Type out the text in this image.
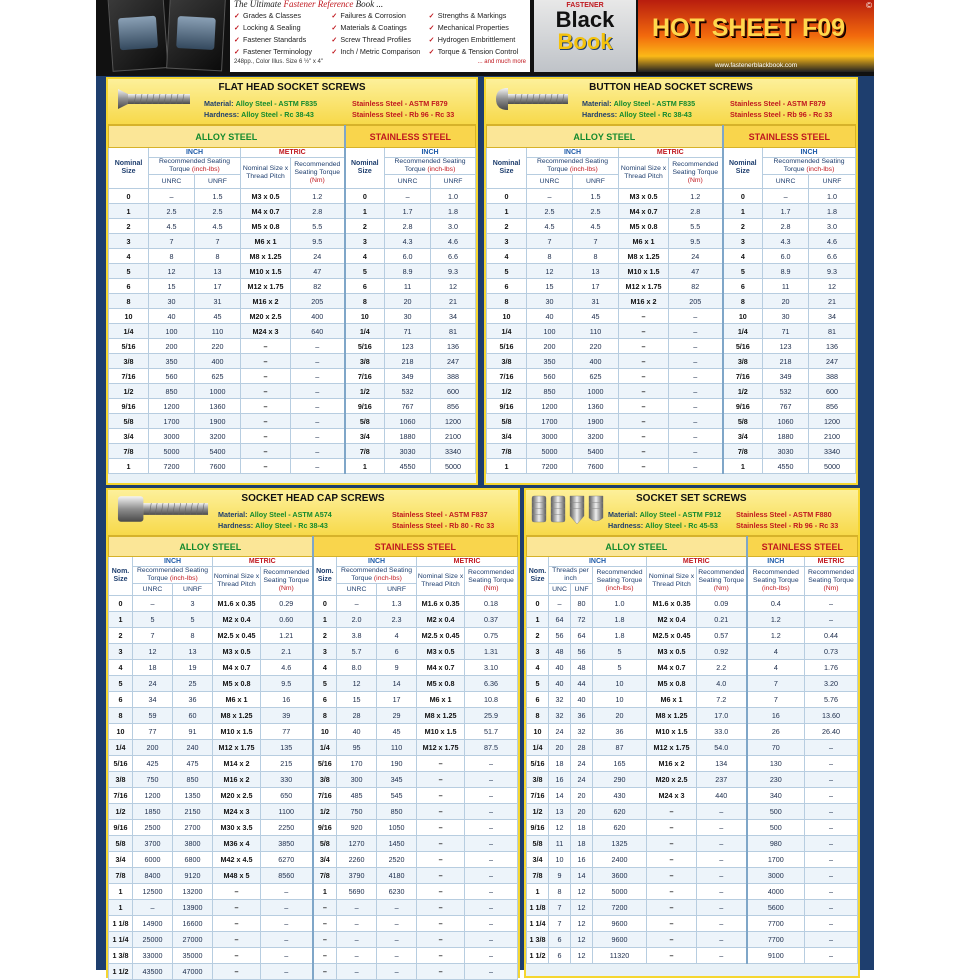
The Ultimate Fastener Reference Book ...
✓ Grades & Classes
✓ Locking & Sealing
✓ Fastener Standards
✓ Fastener Terminology
✓ Failures & Corrosion
✓ Materials & Coatings
✓ Screw Thread Profiles
✓ Inch / Metric Comparison
✓ Strengths & Markings
✓ Mechanical Properties
✓ Hydrogen Embrittlement
✓ Torque & Tension Control
248pp., Color Illus. Size 6 ½" x 4"	... and much more
FASTENER
Black
Book	HOT SHEET F09
©
www.fastenerblackbook.com
FLAT HEAD SOCKET SCREWS
Material: Alloy Steel - ASTM F835
Hardness: Alloy Steel - Rc 38-43
Stainless Steel - ASTM F879
Stainless Steel - Rb 96 - Rc 33
ALLOY STEEL					STAINLESS STEEL		
Nominal Size	INCH		METRIC		Nominal Size	INCH	
	Recommended Seating Torque (inch-lbs)		Nominal Size x Thread Pitch	Recommended Seating Torque (Nm)		Recommended Seating Torque (inch-lbs)	
	UNRC	UNRF				UNRC	UNRF
0	–	1.5	M3 x 0.5	1.2	0	–	1.0
1	2.5	2.5	M4 x 0.7	2.8	1	1.7	1.8
2	4.5	4.5	M5 x 0.8	5.5	2	2.8	3.0
3	7	7	M6 x 1	9.5	3	4.3	4.6
4	8	8	M8 x 1.25	24	4	6.0	6.6
5	12	13	M10 x 1.5	47	5	8.9	9.3
6	15	17	M12 x 1.75	82	6	11	12
8	30	31	M16 x 2	205	8	20	21
10	40	45	M20 x 2.5	400	10	30	34
1/4	100	110	M24 x 3	640	1/4	71	81
5/16	200	220	–	–	5/16	123	136
3/8	350	400	–	–	3/8	218	247
7/16	560	625	–	–	7/16	349	388
1/2	850	1000	–	–	1/2	532	600
9/16	1200	1360	–	–	9/16	767	856
5/8	1700	1900	–	–	5/8	1060	1200
3/4	3000	3200	–	–	3/4	1880	2100
7/8	5000	5400	–	–	7/8	3030	3340
1	7200	7600	–	–	1	4550	5000
BUTTON HEAD SOCKET SCREWS
Material: Alloy Steel - ASTM F835
Hardness: Alloy Steel - Rc 38-43
Stainless Steel - ASTM F879
Stainless Steel - Rb 96 - Rc 33
ALLOY STEEL					STAINLESS STEEL		
Nominal Size	INCH		METRIC		Nominal Size	INCH	
	Recommended Seating Torque (inch-lbs)		Nominal Size x Thread Pitch	Recommended Seating Torque (Nm)		Recommended Seating Torque (inch-lbs)	
	UNRC	UNRF				UNRC	UNRF
0	–	1.5	M3 x 0.5	1.2	0	–	1.0
1	2.5	2.5	M4 x 0.7	2.8	1	1.7	1.8
2	4.5	4.5	M5 x 0.8	5.5	2	2.8	3.0
3	7	7	M6 x 1	9.5	3	4.3	4.6
4	8	8	M8 x 1.25	24	4	6.0	6.6
5	12	13	M10 x 1.5	47	5	8.9	9.3
6	15	17	M12 x 1.75	82	6	11	12
8	30	31	M16 x 2	205	8	20	21
10	40	45	–	–	10	30	34
1/4	100	110	–	–	1/4	71	81
5/16	200	220	–	–	5/16	123	136
3/8	350	400	–	–	3/8	218	247
7/16	560	625	–	–	7/16	349	388
1/2	850	1000	–	–	1/2	532	600
9/16	1200	1360	–	–	9/16	767	856
5/8	1700	1900	–	–	5/8	1060	1200
3/4	3000	3200	–	–	3/4	1880	2100
7/8	5000	5400	–	–	7/8	3030	3340
1	7200	7600	–	–	1	4550	5000
SOCKET HEAD CAP SCREWS
Material: Alloy Steel - ASTM A574
Hardness: Alloy Steel - Rc 38-43
Stainless Steel - ASTM F837
Stainless Steel - Rb 80 - Rc 33
ALLOY STEEL					STAINLESS STEEL				
Nom. Size	INCH		METRIC		Nom. Size	INCH		METRIC	
	Recommended Seating Torque (inch-lbs)		Nominal Size x Thread Pitch	Recommended Seating Torque (Nm)		Recommended Seating Torque (inch-lbs)		Nominal Size x Thread Pitch	Recommended Seating Torque (Nm)
	UNRC	UNRF				UNRC	UNRF		
0	–	3	M1.6 x 0.35	0.29	0	–	1.3	M1.6 x 0.35	0.18
1	5	5	M2 x 0.4	0.60	1	2.0	2.3	M2 x 0.4	0.37
2	7	8	M2.5 x 0.45	1.21	2	3.8	4	M2.5 x 0.45	0.75
3	12	13	M3 x 0.5	2.1	3	5.7	6	M3 x 0.5	1.31
4	18	19	M4 x 0.7	4.6	4	8.0	9	M4 x 0.7	3.10
5	24	25	M5 x 0.8	9.5	5	12	14	M5 x 0.8	6.36
6	34	36	M6 x 1	16	6	15	17	M6 x 1	10.8
8	59	60	M8 x 1.25	39	8	28	29	M8 x 1.25	25.9
10	77	91	M10 x 1.5	77	10	40	45	M10 x 1.5	51.7
1/4	200	240	M12 x 1.75	135	1/4	95	110	M12 x 1.75	87.5
5/16	425	475	M14 x 2	215	5/16	170	190	–	–
3/8	750	850	M16 x 2	330	3/8	300	345	–	–
7/16	1200	1350	M20 x 2.5	650	7/16	485	545	–	–
1/2	1850	2150	M24 x 3	1100	1/2	750	850	–	–
9/16	2500	2700	M30 x 3.5	2250	9/16	920	1050	–	–
5/8	3700	3800	M36 x 4	3850	5/8	1270	1450	–	–
3/4	6000	6800	M42 x 4.5	6270	3/4	2260	2520	–	–
7/8	8400	9120	M48 x 5	8560	7/8	3790	4180	–	–
1	12500	13200	–	–	1	5690	6230	–	–
1	–	13900	–	–	–	–	–	–	–
1 1/8	14900	16600	–	–	–	–	–	–	–
1 1/4	25000	27000	–	–	–	–	–	–	–
1 3/8	33000	35000	–	–	–	–	–	–	–
1 1/2	43500	47000	–	–	–	–	–	–	–
SOCKET SET SCREWS
Material: Alloy Steel - ASTM F912
Hardness: Alloy Steel - Rc 45-53
Stainless Steel - ASTM F880
Stainless Steel - Rb 96 - Rc 33
ALLOY STEEL						STAINLESS STEEL	
Nom. Size	INCH			METRIC		INCH	METRIC
	Threads per inch		Recommended Seating Torque (inch-lbs)	Nominal Size x Thread Pitch	Recommended Seating Torque (Nm)	Recommended Seating Torque (inch-lbs)	Recommended Seating Torque (Nm)
	UNC	UNF					
0	–	80	1.0	M1.6 x 0.35	0.09	0.4	–
1	64	72	1.8	M2 x 0.4	0.21	1.2	–
2	56	64	1.8	M2.5 x 0.45	0.57	1.2	0.44
3	48	56	5	M3 x 0.5	0.92	4	0.73
4	40	48	5	M4 x 0.7	2.2	4	1.76
5	40	44	10	M5 x 0.8	4.0	7	3.20
6	32	40	10	M6 x 1	7.2	7	5.76
8	32	36	20	M8 x 1.25	17.0	16	13.60
10	24	32	36	M10 x 1.5	33.0	26	26.40
1/4	20	28	87	M12 x 1.75	54.0	70	–
5/16	18	24	165	M16 x 2	134	130	–
3/8	16	24	290	M20 x 2.5	237	230	–
7/16	14	20	430	M24 x 3	440	340	–
1/2	13	20	620	–	–	500	–
9/16	12	18	620	–	–	500	–
5/8	11	18	1325	–	–	980	–
3/4	10	16	2400	–	–	1700	–
7/8	9	14	3600	–	–	3000	–
1	8	12	5000	–	–	4000	–
1 1/8	7	12	7200	–	–	5600	–
1 1/4	7	12	9600	–	–	7700	–
1 3/8	6	12	9600	–	–	7700	–
1 1/2	6	12	11320	–	–	9100	–
